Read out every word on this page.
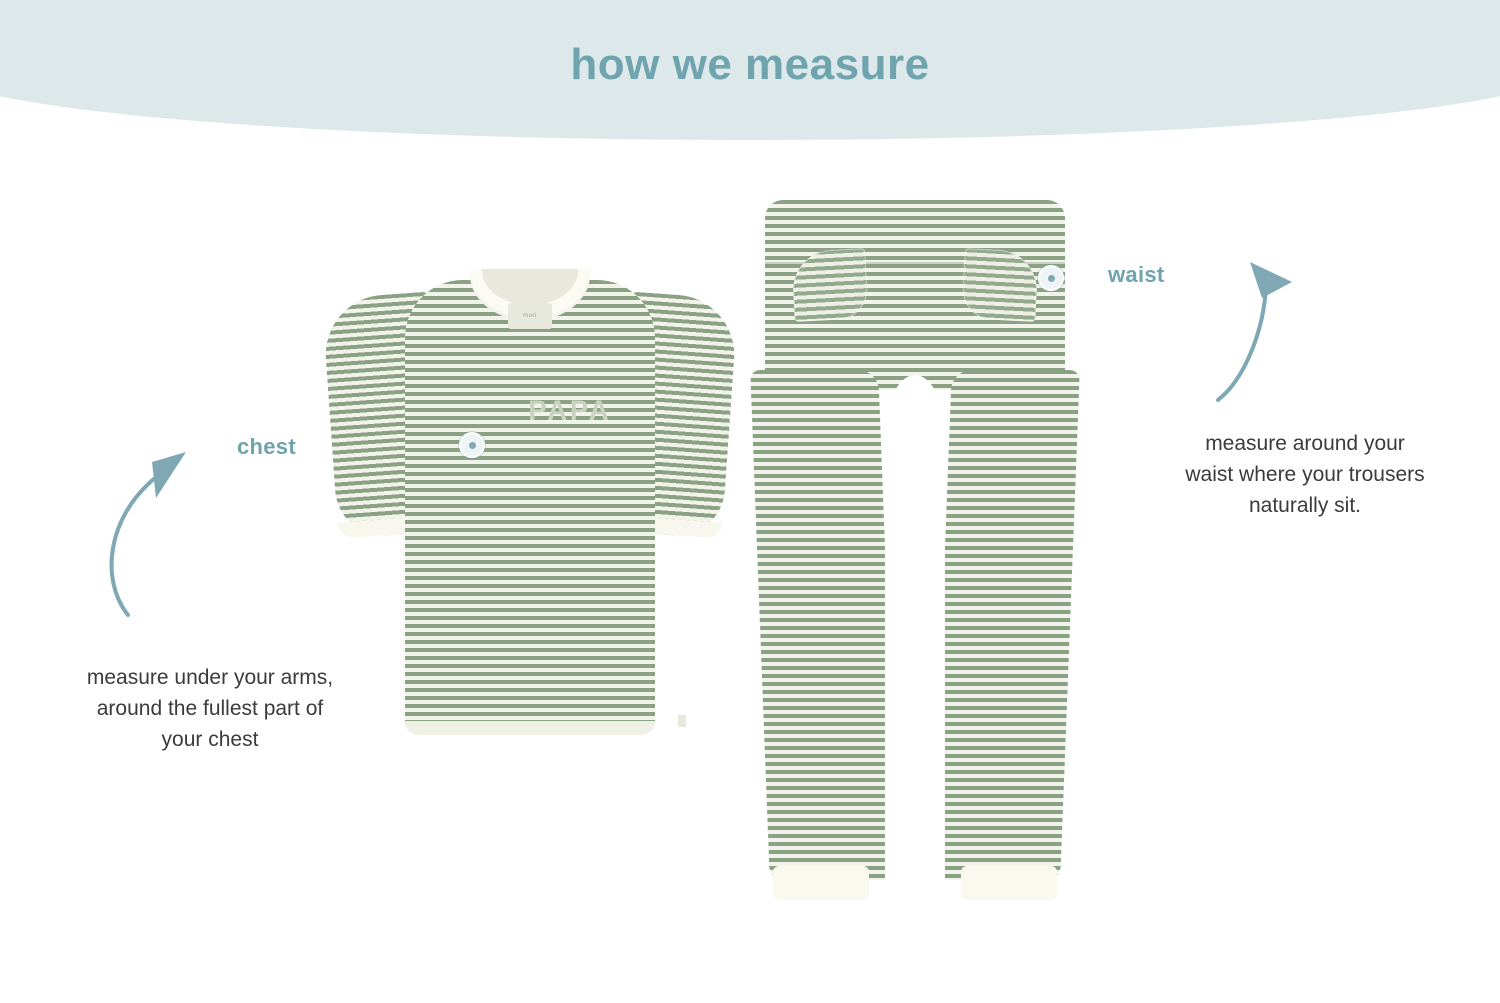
how we measure
mori
PAPA
chest
waist
measure under your arms,
around the fullest part of
your chest
measure around your
waist where your trousers
naturally sit.
